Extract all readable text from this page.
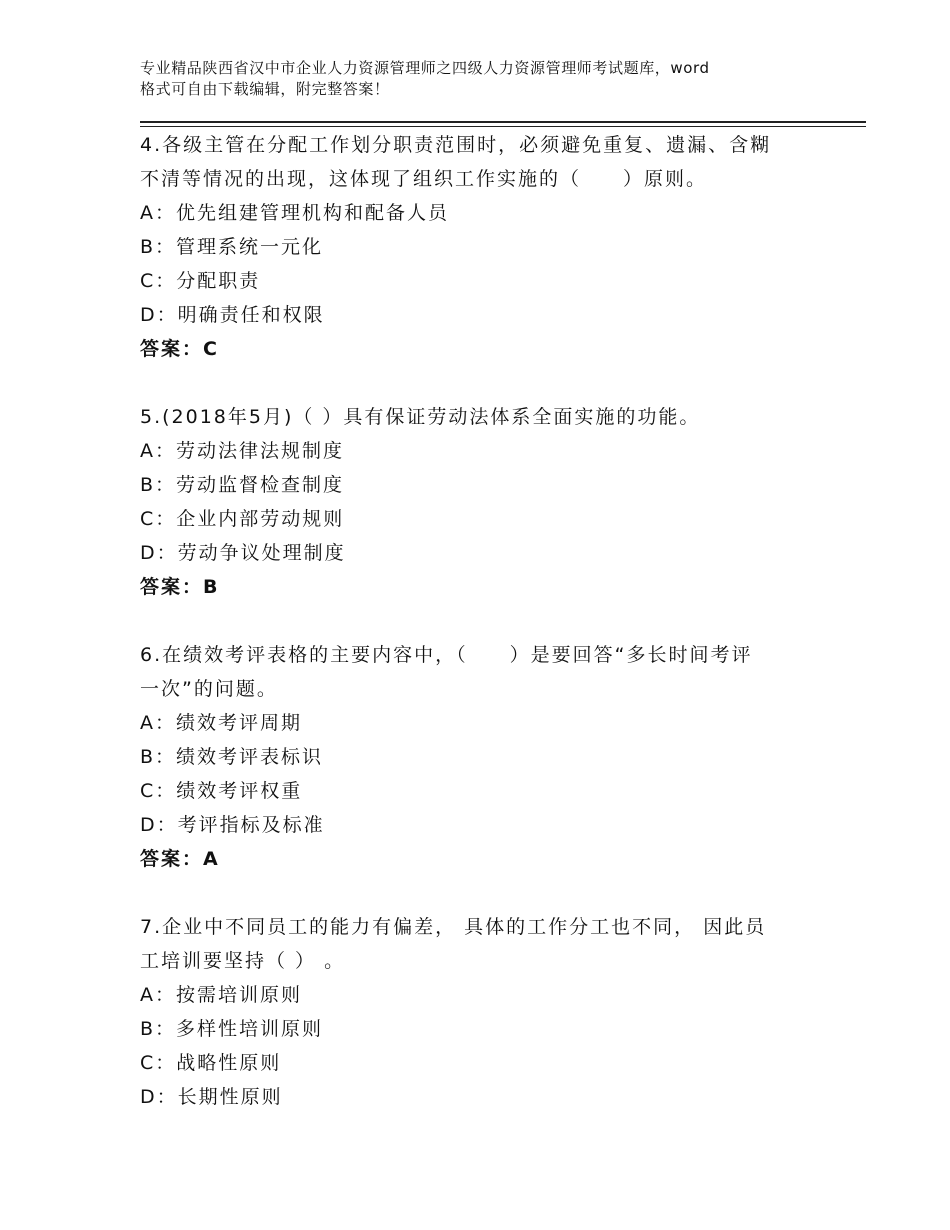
专业精品陕西省汉中市企业人力资源管理师之四级人力资源管理师考试题库，word
格式可自由下载编辑，附完整答案！

4.各级主管在分配工作划分职责范围时，必须避免重复、遗漏、含糊

不清等情况的出现，这体现了组织工作实施的（　　）原则。

A：优先组建管理机构和配备人员

B：管理系统一元化

C：分配职责

D：明确责任和权限

答案：C

5.(2018年5月)（ ）具有保证劳动法体系全面实施的功能。

A：劳动法律法规制度

B：劳动监督检查制度

C：企业内部劳动规则

D：劳动争议处理制度

答案：B

6.在绩效考评表格的主要内容中，（　　）是要回答“多长时间考评

一次”的问题。

A：绩效考评周期

B：绩效考评表标识

C：绩效考评权重

D：考评指标及标准

答案：A

7.企业中不同员工的能力有偏差， 具体的工作分工也不同， 因此员

工培训要坚持（ ） 。

A：按需培训原则

B：多样性培训原则

C：战略性原则

D：长期性原则
